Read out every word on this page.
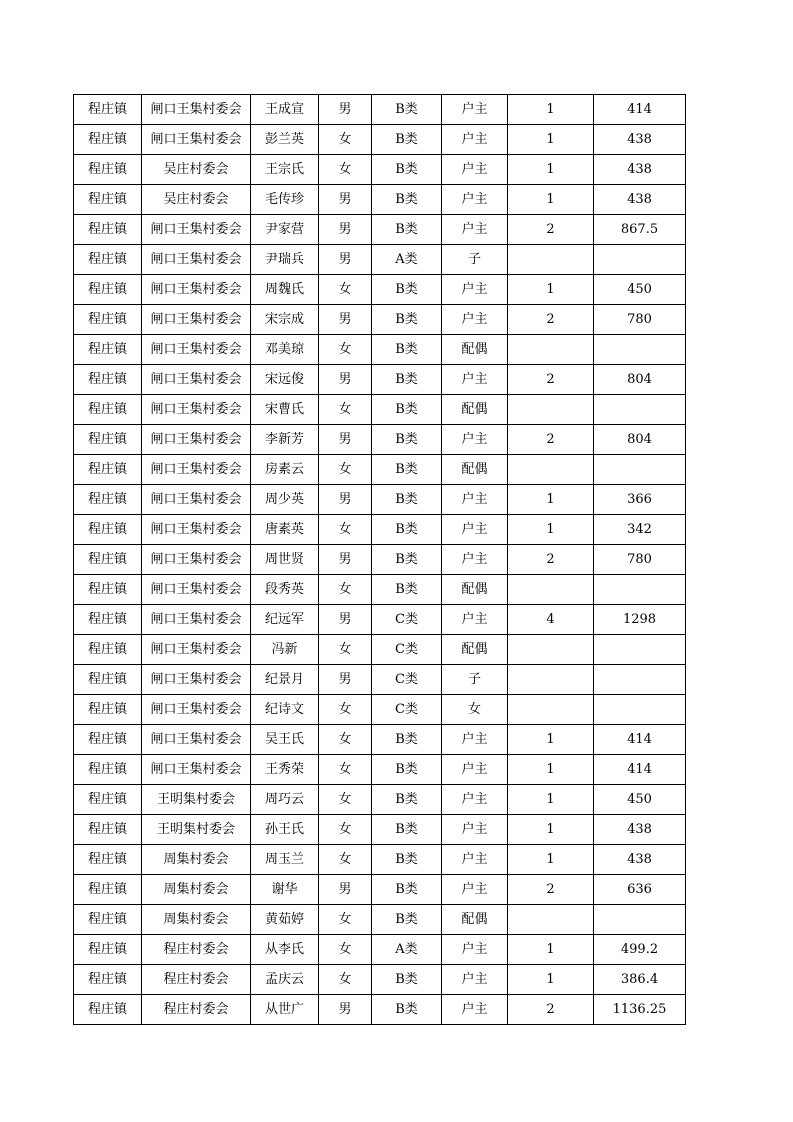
程庄镇	闸口王集村委会	王成宣	男	B类	户主	1	414
程庄镇	闸口王集村委会	彭兰英	女	B类	户主	1	438
程庄镇	吴庄村委会	王宗氏	女	B类	户主	1	438
程庄镇	吴庄村委会	毛传珍	男	B类	户主	1	438
程庄镇	闸口王集村委会	尹家营	男	B类	户主	2	867.5
程庄镇	闸口王集村委会	尹瑞兵	男	A类	子		
程庄镇	闸口王集村委会	周魏氏	女	B类	户主	1	450
程庄镇	闸口王集村委会	宋宗成	男	B类	户主	2	780
程庄镇	闸口王集村委会	邓美琼	女	B类	配偶		
程庄镇	闸口王集村委会	宋远俊	男	B类	户主	2	804
程庄镇	闸口王集村委会	宋曹氏	女	B类	配偶		
程庄镇	闸口王集村委会	李新芳	男	B类	户主	2	804
程庄镇	闸口王集村委会	房素云	女	B类	配偶		
程庄镇	闸口王集村委会	周少英	男	B类	户主	1	366
程庄镇	闸口王集村委会	唐素英	女	B类	户主	1	342
程庄镇	闸口王集村委会	周世贤	男	B类	户主	2	780
程庄镇	闸口王集村委会	段秀英	女	B类	配偶		
程庄镇	闸口王集村委会	纪远军	男	C类	户主	4	1298
程庄镇	闸口王集村委会	冯新	女	C类	配偶		
程庄镇	闸口王集村委会	纪景月	男	C类	子		
程庄镇	闸口王集村委会	纪诗文	女	C类	女		
程庄镇	闸口王集村委会	吴王氏	女	B类	户主	1	414
程庄镇	闸口王集村委会	王秀荣	女	B类	户主	1	414
程庄镇	王明集村委会	周巧云	女	B类	户主	1	450
程庄镇	王明集村委会	孙王氏	女	B类	户主	1	438
程庄镇	周集村委会	周玉兰	女	B类	户主	1	438
程庄镇	周集村委会	谢华	男	B类	户主	2	636
程庄镇	周集村委会	黄茹婷	女	B类	配偶		
程庄镇	程庄村委会	从李氏	女	A类	户主	1	499.2
程庄镇	程庄村委会	孟庆云	女	B类	户主	1	386.4
程庄镇	程庄村委会	从世广	男	B类	户主	2	1136.25
